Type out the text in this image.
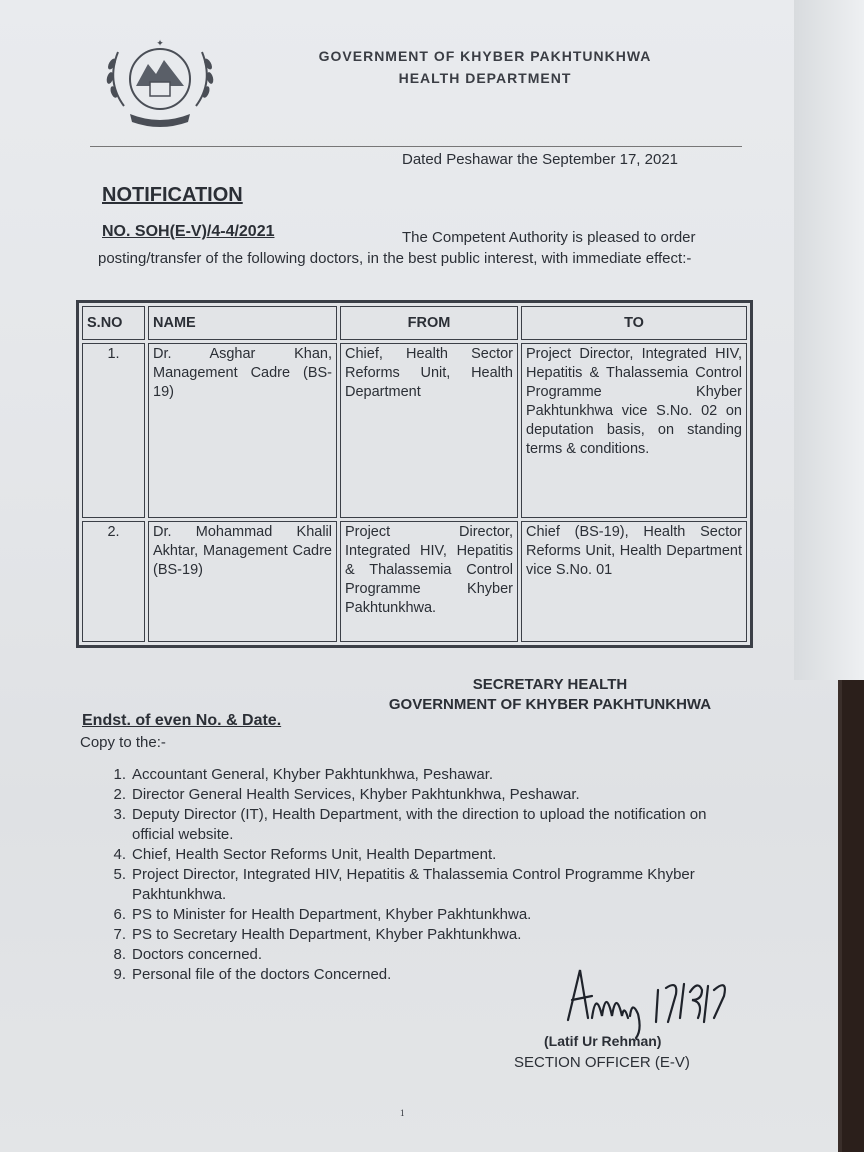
✦
GOVERNMENT OF KHYBER PAKHTUNKHWA
HEALTH DEPARTMENT
Dated Peshawar the September 17, 2021
NOTIFICATION
NO. SOH(E-V)/4-4/2021	The Competent Authority is pleased to order
posting/transfer of the following doctors, in the best public interest, with immediate effect:-
S.NO	NAME	FROM	TO
1.	Dr. Asghar Khan, Management Cadre (BS-19)	Chief, Health Sector Reforms Unit, Health Department	Project Director, Integrated HIV, Hepatitis & Thalassemia Control Programme Khyber Pakhtunkhwa vice S.No. 02 on deputation basis, on standing terms & conditions.
2.	Dr. Mohammad Khalil Akhtar, Management Cadre (BS-19)	Project Director, Integrated HIV, Hepatitis & Thalassemia Control Programme Khyber Pakhtunkhwa.	Chief (BS-19), Health Sector Reforms Unit, Health Department vice S.No. 01
SECRETARY HEALTH
GOVERNMENT OF KHYBER PAKHTUNKHWA
Endst. of even No. & Date.
Copy to the:-
1. Accountant General, Khyber Pakhtunkhwa, Peshawar.
2. Director General Health Services, Khyber Pakhtunkhwa, Peshawar.
3. Deputy Director (IT), Health Department, with the direction to upload the notification on official website.
4. Chief, Health Sector Reforms Unit, Health Department.
5. Project Director, Integrated HIV, Hepatitis & Thalassemia Control Programme Khyber Pakhtunkhwa.
6. PS to Minister for Health Department, Khyber Pakhtunkhwa.
7. PS to Secretary Health Department, Khyber Pakhtunkhwa.
8. Doctors concerned.
9. Personal file of the doctors Concerned.
(Latif Ur Rehman)
SECTION OFFICER (E-V)
1
